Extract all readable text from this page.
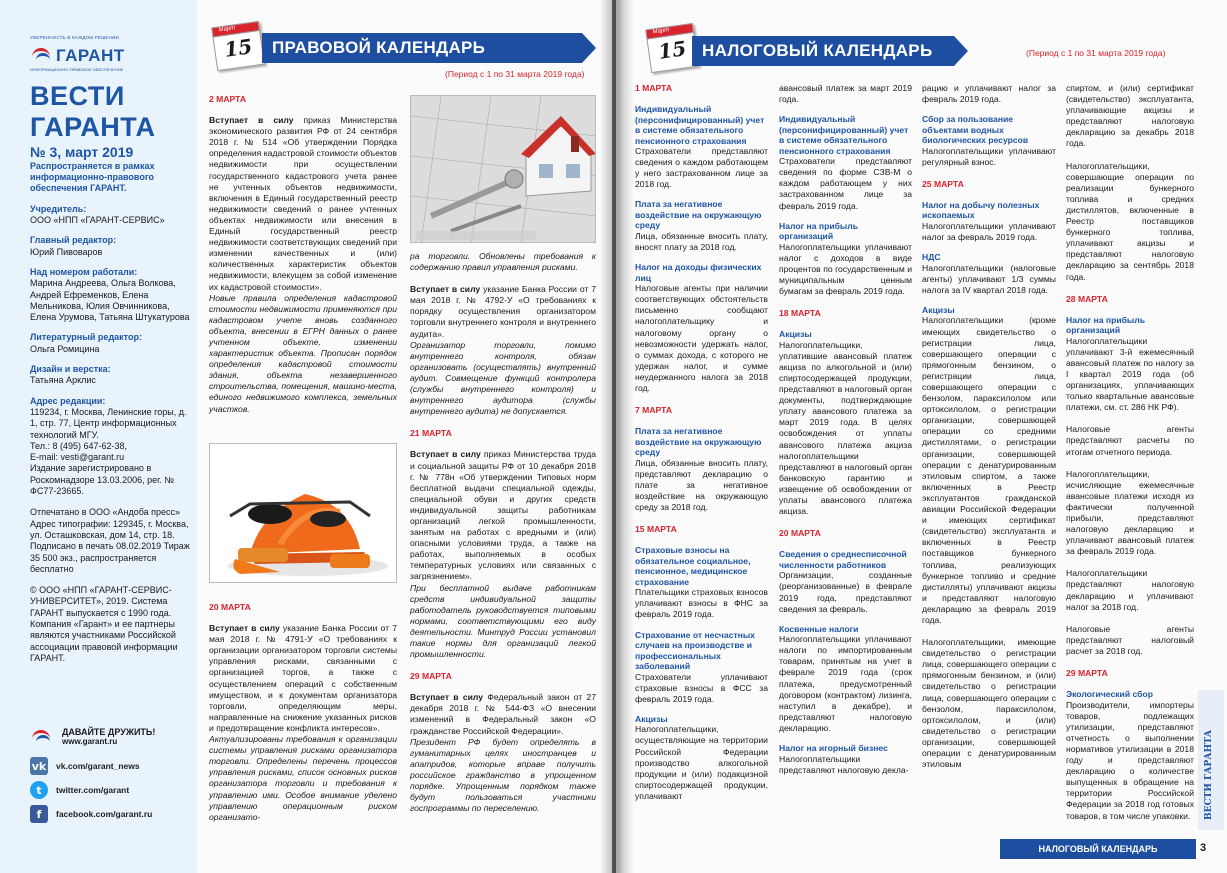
УВЕРЕННОСТЬ В КАЖДОМ РЕШЕНИИ
ГАРАНТ
ИНФОРМАЦИОННО-ПРАВОВОЕ ОБЕСПЕЧЕНИЕ
ВЕСТИ
ГАРАНТА
№ 3, март 2019
Распространяется в рамках информационно-правового обеспечения ГАРАНТ.
Учредитель:
ООО «НПП «ГАРАНТ-СЕРВИС»
Главный редактор:
Юрий Пивоваров
Над номером работали:
Марина Андреева, Ольга Волкова, Андрей Ефременков, Елена Мельникова, Юлия Овчинникова, Елена Урумова, Татьяна Штукатурова
Литературный редактор:
Ольга Ромицина
Дизайн и верстка:
Татьяна Арклис
Адрес редакции:
119234, г. Москва, Ленинские горы, д. 1, стр. 77, Центр информационных технологий МГУ.
Тел.: 8 (495) 647-62-38,
E-mail: vesti@garant.ru
Издание зарегистрировано в Роскомнадзоре 13.03.2006, рег. № ФС77-23665.
Отпечатано в ООО «Андоба пресс» Адрес типографии: 129345, г. Москва, ул. Осташковская, дом 14, стр. 18. Подписано в печать 08.02.2019 Тираж 35 500 экз., распространяется бесплатно
© ООО «НПП «ГАРАНТ-СЕРВИС-УНИВЕРСИТЕТ», 2019. Система ГАРАНТ выпускается с 1990 года. Компания «Гарант» и ее партнеры являются участниками Российской ассоциации правовой информации ГАРАНТ.
ДАВАЙТЕ ДРУЖИТЬ!
www.garant.ru
vk vk.com/garant_news
t	twitter.com/garant
f	facebook.com/garant.ru
Март
15	ПРАВОВОЙ КАЛЕНДАРЬ
(Период с 1 по 31 марта 2019 года)
2 МАРТА

Вступает в силу приказ Министерства экономического развития РФ от 24 сентября 2018 г. № 514 «Об утверждении Порядка определения кадастровой стоимости объектов недвижимости при осуществлении государственного кадастрового учета ранее не учтенных объектов недвижимости, включения в Единый государственный реестр недвижимости сведений о ранее учтенных объектах недвижимости или внесения в Единый государственный реестр недвижимости соответствующих сведений при изменении качественных и (или) количественных характеристик объектов недвижимости, влекущем за собой изменение их кадастровой стоимости».

Новые правила определения кадастровой стоимости недвижимости применяются при кадастровом учете вновь созданного объекта, внесении в ЕГРН данных о ранее учтенном объекте, изменении характеристик объекта. Прописан порядок определения кадастровой стоимости здания, объекта незавершенного строительства, помещения, машино-места, единого недвижимого комплекса, земельных участков.

20 МАРТА

Вступает в силу указание Банка России от 7 мая 2018 г. № 4791-У «О требованиях к организации организатором торговли системы управления рисками, связанными с организацией торгов, а также с осуществлением операций с собственным имуществом, и к документам организатора торговли, определяющим меры, направленные на снижение указанных рисков и предотвращение конфликта интересов».

Актуализированы требования к организации системы управления рисками организатора торговли. Определены перечень процессов управления рисками, список основных рисков организатора торговли и требования к управлению ими. Особое внимание уделено управлению операционным риском организато-

ра торговли. Обновлены требования к содержанию правил управления рисками.

Вступает в силу указание Банка России от 7 мая 2018 г. № 4792-У «О требованиях к порядку осуществления организатором торговли внутреннего контроля и внутреннего аудита».

Организатор торговли, помимо внутреннего контроля, обязан организовать (осуществлять) внутренний аудит. Совмещение функций контролера (службы внутреннего контроля) и внутреннего аудитора (службы внутреннего аудита) не допускается.

21 МАРТА

Вступает в силу приказ Министерства труда и социальной защиты РФ от 10 декабря 2018 г. № 778н «Об утверждении Типовых норм бесплатной выдачи специальной одежды, специальной обуви и других средств индивидуальной защиты работникам организаций легкой промышленности, занятым на работах с вредными и (или) опасными условиями труда, а также на работах, выполняемых в особых температурных условиях или связанных с загрязнением».

При бесплатной выдаче работникам средств индивидуальной защиты работодатель руководствуется типовыми нормами, соответствующими его виду деятельности. Минтруд России установил такие нормы для организаций легкой промышленности.

29 МАРТА

Вступает в силу Федеральный закон от 27 декабря 2018 г. № 544-ФЗ «О внесении изменений в Федеральный закон «О гражданстве Российской Федерации».

Президент РФ будет определять в гуманитарных целях иностранцев и апатридов, которые вправе получить российское гражданство в упрощенном порядке. Упрощенным порядком также будут пользоваться участники госпрограммы по переселению.

Март
15 НАЛОГОВЫЙ КАЛЕНДАРЬ	(Период с 1 по 31 марта 2019 года)
1 МАРТА
Индивидуальный (персонифицированный) учет в системе обязательного пенсионного страхования

Страхователи представляют сведения о каждом работающем у него застрахованном лице за 2018 год.

Плата за негативное воздействие на окружающую среду

Лица, обязанные вносить плату, вносят плату за 2018 год.

Налог на доходы физических лиц

Налоговые агенты при наличии соответствующих обстоятельств письменно сообщают налогоплательщику и налоговому органу о невозможности удержать налог, о суммах дохода, с которого не удержан налог, и сумме неудержанного налога за 2018 год.

7 МАРТА
Плата за негативное воздействие на окружающую среду

Лица, обязанные вносить плату, представляют декларацию о плате за негативное воздействие на окружающую среду за 2018 год.

15 МАРТА
Страховые взносы на обязательное социальное, пенсионное, медицинское страхование

Плательщики страховых взносов уплачивают взносы в ФНС за февраль 2019 года.

Страхование от несчастных случаев на производстве и профессиональных заболеваний

Страхователи уплачивают страховые взносы в ФСС за февраль 2019 года.

Акцизы

Налогоплательщики, осуществляющие на территории Российской Федерации производство алкогольной продукции и (или) подакцизной спиртосодержащей продукции, уплачивают

авансовый платеж за март 2019 года.

Индивидуальный (персонифицированный) учет в системе обязательного пенсионного страхования

Страхователи представляют сведения по форме СЗВ-М о каждом работающем у них застрахованном лице за февраль 2019 года.

Налог на прибыль организаций

Налогоплательщики уплачивают налог с доходов в виде процентов по государственным и муниципальным ценным бумагам за февраль 2019 года.

18 МАРТА
Акцизы

Налогоплательщики, уплатившие авансовый платеж акциза по алкогольной и (или) спиртосодержащей продукции, представляют в налоговый орган документы, подтверждающие уплату авансового платежа за март 2019 года. В целях освобождения от уплаты авансового платежа акциза налогоплательщики представляют в налоговый орган банковскую гарантию и извещение об освобождении от уплаты авансового платежа акциза.

20 МАРТА
Сведения о среднесписочной численности работников

Организации, созданные (реорганизованные) в феврале 2019 года, представляют сведения за февраль.

Косвенные налоги

Налогоплательщики уплачивают налоги по импортированным товарам, принятым на учет в феврале 2019 года (срок платежа, предусмотренный договором (контрактом) лизинга, наступил в декабре), и представляют налоговую декларацию.

Налог на игорный бизнес

Налогоплательщики представляют налоговую декла-

рацию и уплачивают налог за февраль 2019 года.

Сбор за пользование объектами водных биологических ресурсов

Налогоплательщики уплачивают регулярный взнос.

25 МАРТА
Налог на добычу полезных ископаемых

Налогоплательщики уплачивают налог за февраль 2019 года.

НДС

Налогоплательщики (налоговые агенты) уплачивают 1/3 суммы налога за IV квартал 2018 года.

Акцизы

Налогоплательщики (кроме имеющих свидетельство о регистрации лица, совершающего операции с прямогонным бензином, о регистрации лица, совершающего операции с бензолом, параксилолом или ортоксилолом, о регистрации организации, совершающей операции со средними дистиллятами, о регистрации организации, совершающей операции с денатурированным этиловым спиртом, а также включенных в Реестр эксплуатантов гражданской авиации Российской Федерации и имеющих сертификат (свидетельство) эксплуатанта и включенных в Реестр поставщиков бункерного топлива, реализующих бункерное топливо и средние дистилляты) уплачивают акцизы и представляют налоговую декларацию за февраль 2019 года.

Налогоплательщики, имеющие свидетельство о регистрации лица, совершающего операции с прямогонным бензином, и (или) свидетельство о регистрации лица, совершающего операции с бензолом, параксилолом, ортоксилолом, и (или) свидетельство о регистрации организации, совершающей операции с денатурированным этиловым

спиртом, и (или) сертификат (свидетельство) эксплуатанта, уплачивающие акцизы и представляют налоговую декларацию за декабрь 2018 года.

Налогоплательщики, совершающие операции по реализации бункерного топлива и средних дистиллятов, включенные в Реестр поставщиков бункерного топлива, уплачивают акцизы и представляют налоговую декларацию за сентябрь 2018 года.

28 МАРТА
Налог на прибыль организаций

Налогоплательщики уплачивают 3-й ежемесячный авансовый платеж по налогу за I квартал 2019 года (об организациях, уплачивающих только квартальные авансовые платежи, см. ст. 286 НК РФ).

Налоговые агенты представляют расчеты по итогам отчетного периода.

Налогоплательщики, исчисляющие ежемесячные авансовые платежи исходя из фактически полученной прибыли, представляют налоговую декларацию и уплачивают авансовый платеж за февраль 2019 года.

Налогоплательщики представляют налоговую декларацию и уплачивают налог за 2018 год.

Налоговые агенты представляют налоговый расчет за 2018 год.

29 МАРТА
Экологический сбор

Производители, импортеры товаров, подлежащих утилизации, представляют отчетность о выполнении нормативов утилизации в 2018 году и представляют декларацию о количестве выпущенных в обращение на территории Российской Федерации за 2018 год готовых товаров, в том числе упаковки.	ВЕСТИ ГАРАНТА
НАЛОГОВЫЙ КАЛЕНДАРЬ	3
